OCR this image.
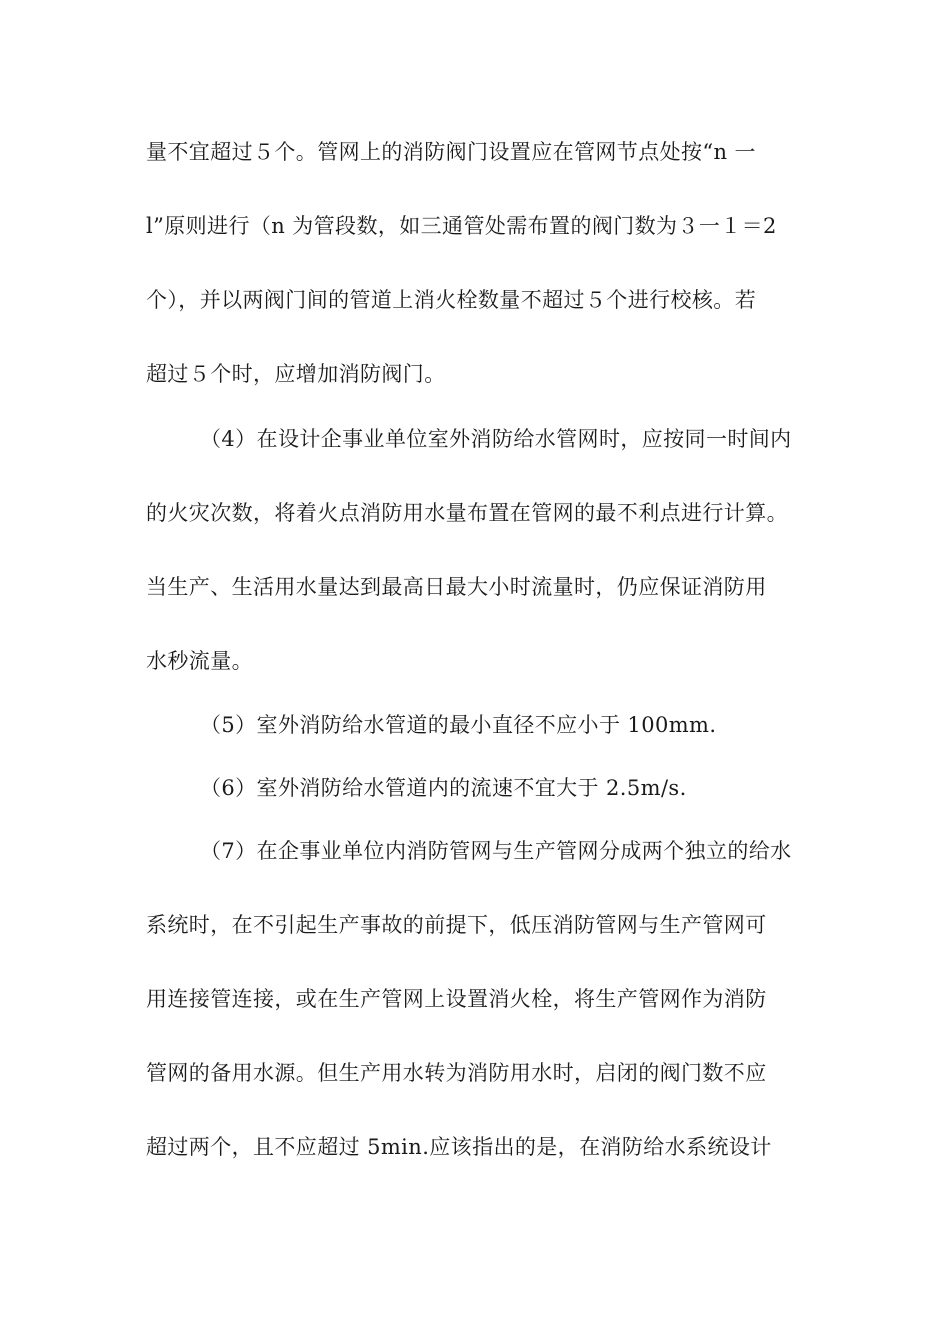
量不宜超过５个。管网上的消防阀门设置应在管网节点处按“n 一
l”原则进行（n 为管段数，如三通管处需布置的阀门数为３一１＝2
个），并以两阀门间的管道上消火栓数量不超过５个进行校核。若
超过５个时，应增加消防阀门。
（4）在设计企事业单位室外消防给水管网时，应按同一时间内
的火灾次数，将着火点消防用水量布置在管网的最不利点进行计算。
当生产、生活用水量达到最高日最大小时流量时，仍应保证消防用
水秒流量。
（5）室外消防给水管道的最小直径不应小于 100mm.
（6）室外消防给水管道内的流速不宜大于 2.5m/s.
（7）在企事业单位内消防管网与生产管网分成两个独立的给水
系统时，在不引起生产事故的前提下，低压消防管网与生产管网可
用连接管连接，或在生产管网上设置消火栓，将生产管网作为消防
管网的备用水源。但生产用水转为消防用水时，启闭的阀门数不应
超过两个，且不应超过 5min.应该指出的是，在消防给水系统设计
